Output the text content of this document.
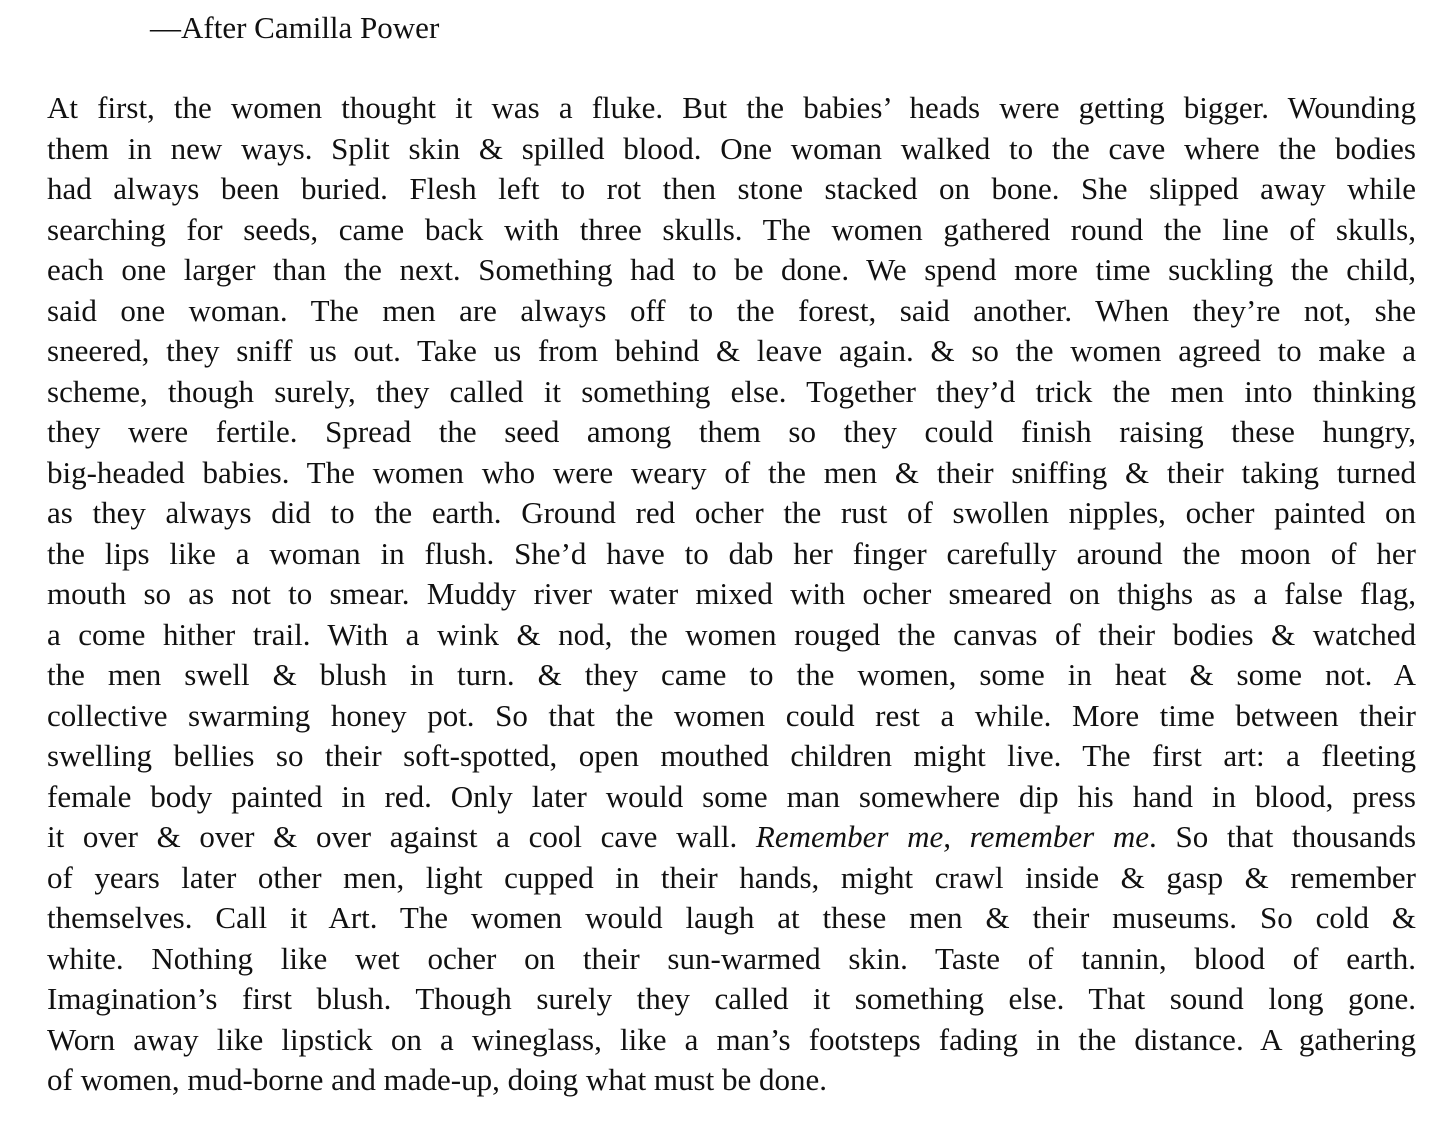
—After Camilla Power
At first, the women thought it was a fluke. But the babies’ heads were getting bigger. Wounding
them in new ways. Split skin & spilled blood. One woman walked to the cave where the bodies
had always been buried. Flesh left to rot then stone stacked on bone. She slipped away while
searching for seeds, came back with three skulls. The women gathered round the line of skulls,
each one larger than the next. Something had to be done. We spend more time suckling the child,
said one woman. The men are always off to the forest, said another. When they’re not, she
sneered, they sniff us out. Take us from behind & leave again. & so the women agreed to make a
scheme, though surely, they called it something else. Together they’d trick the men into thinking
they were fertile. Spread the seed among them so they could finish raising these hungry,
big-headed babies. The women who were weary of the men & their sniffing & their taking turned
as they always did to the earth. Ground red ocher the rust of swollen nipples, ocher painted on
the lips like a woman in flush. She’d have to dab her finger carefully around the moon of her
mouth so as not to smear. Muddy river water mixed with ocher smeared on thighs as a false flag,
a come hither trail. With a wink & nod, the women rouged the canvas of their bodies & watched
the men swell & blush in turn. & they came to the women, some in heat & some not. A
collective swarming honey pot. So that the women could rest a while. More time between their
swelling bellies so their soft-spotted, open mouthed children might live. The first art: a fleeting
female body painted in red. Only later would some man somewhere dip his hand in blood, press
it over & over & over against a cool cave wall. Remember me, remember me. So that thousands
of years later other men, light cupped in their hands, might crawl inside & gasp & remember
themselves. Call it Art. The women would laugh at these men & their museums. So cold &
white. Nothing like wet ocher on their sun-warmed skin. Taste of tannin, blood of earth.
Imagination’s first blush. Though surely they called it something else. That sound long gone.
Worn away like lipstick on a wineglass, like a man’s footsteps fading in the distance. A gathering
of women, mud-borne and made-up, doing what must be done.
